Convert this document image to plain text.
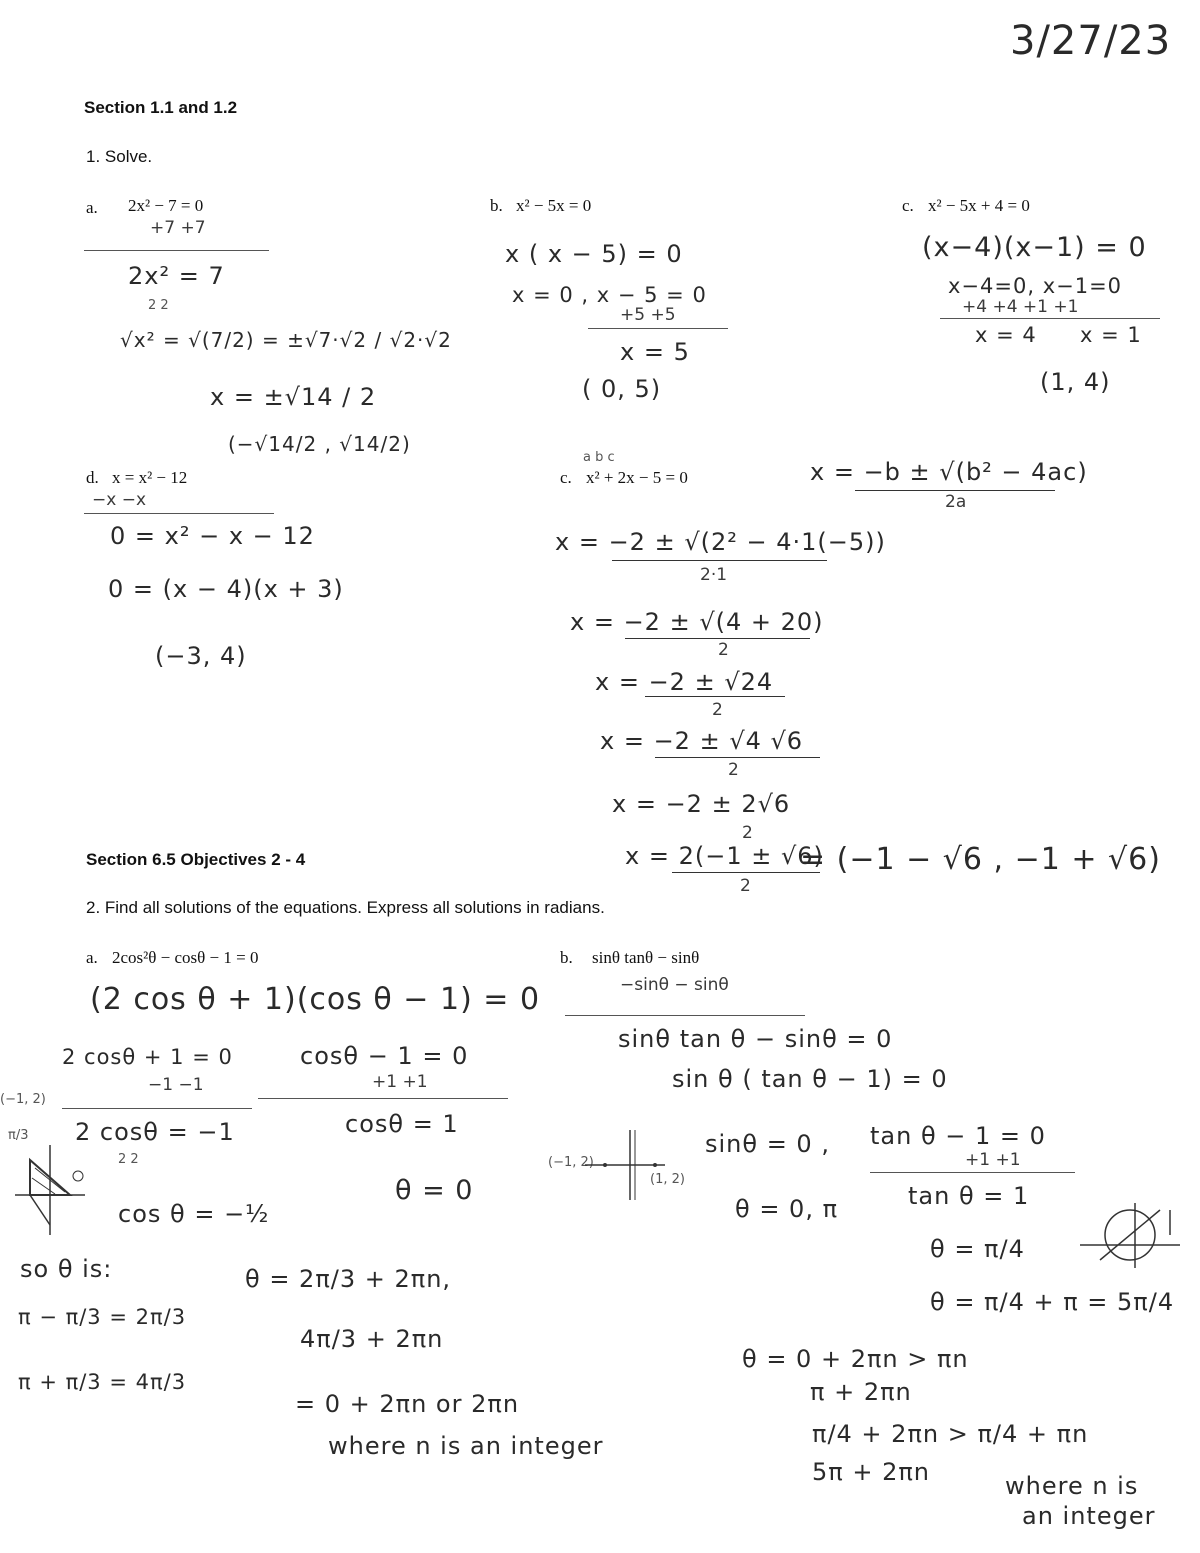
3/27/23
Section 1.1 and 1.2
1. Solve.
a. 2x² − 7 = 0	b. x² − 5x = 0	c. x² − 5x + 4 = 0
d. x = x² − 12	c. x² + 2x − 5 = 0
+7 +7
2x² = 7
2 2
√x² = √(7/2) = ±√7·√2 / √2·√2
x = ±√14 / 2
(−√14/2 , √14/2)
x ( x − 5) = 0
x = 0 , x − 5 = 0
+5 +5
x = 5
( 0, 5)
(x−4)(x−1) = 0
x−4=0, x−1=0
+4 +4 +1 +1
x = 4 x = 1
(1, 4)
−x −x
0 = x² − x − 12
0 = (x − 4)(x + 3)
(−3, 4)
a b c
x = −b ± √(b² − 4ac)
2a
x = −2 ± √(2² − 4·1(−5))
2·1
x = −2 ± √(4 + 20)
2
x = −2 ± √24
2
x = −2 ± √4 √6
2
x = −2 ± 2√6
2
x = 2(−1 ± √6)
2
= (−1 − √6 , −1 + √6)
Section 6.5 Objectives 2 - 4
2. Find all solutions of the equations. Express all solutions in radians.
a. 2cos²θ − cosθ − 1 = 0	b. sinθ tanθ − sinθ
(2 cos θ + 1)(cos θ − 1) = 0
2 cosθ + 1 = 0	cosθ − 1 = 0
−1 −1	+1 +1
2 cosθ = −1
2 2
cosθ = 1
cos θ = −½
θ = 0
(−1, 2)
π/3
so θ is:
π − π/3 = 2π/3
π + π/3 = 4π/3
θ = 2π/3 + 2πn,
4π/3 + 2πn
= 0 + 2πn or 2πn
where n is an integer
−sinθ − sinθ
sinθ tan θ − sinθ = 0
sin θ ( tan θ − 1) = 0
sinθ = 0 , tan θ − 1 = 0
+1 +1
(−1, 2)
(1, 2)
θ = 0, π	tan θ = 1
θ = π/4
θ = π/4 + π = 5π/4
θ = 0 + 2πn > πn
π + 2πn
π/4 + 2πn > π/4 + πn
5π + 2πn	where n is
an integer
